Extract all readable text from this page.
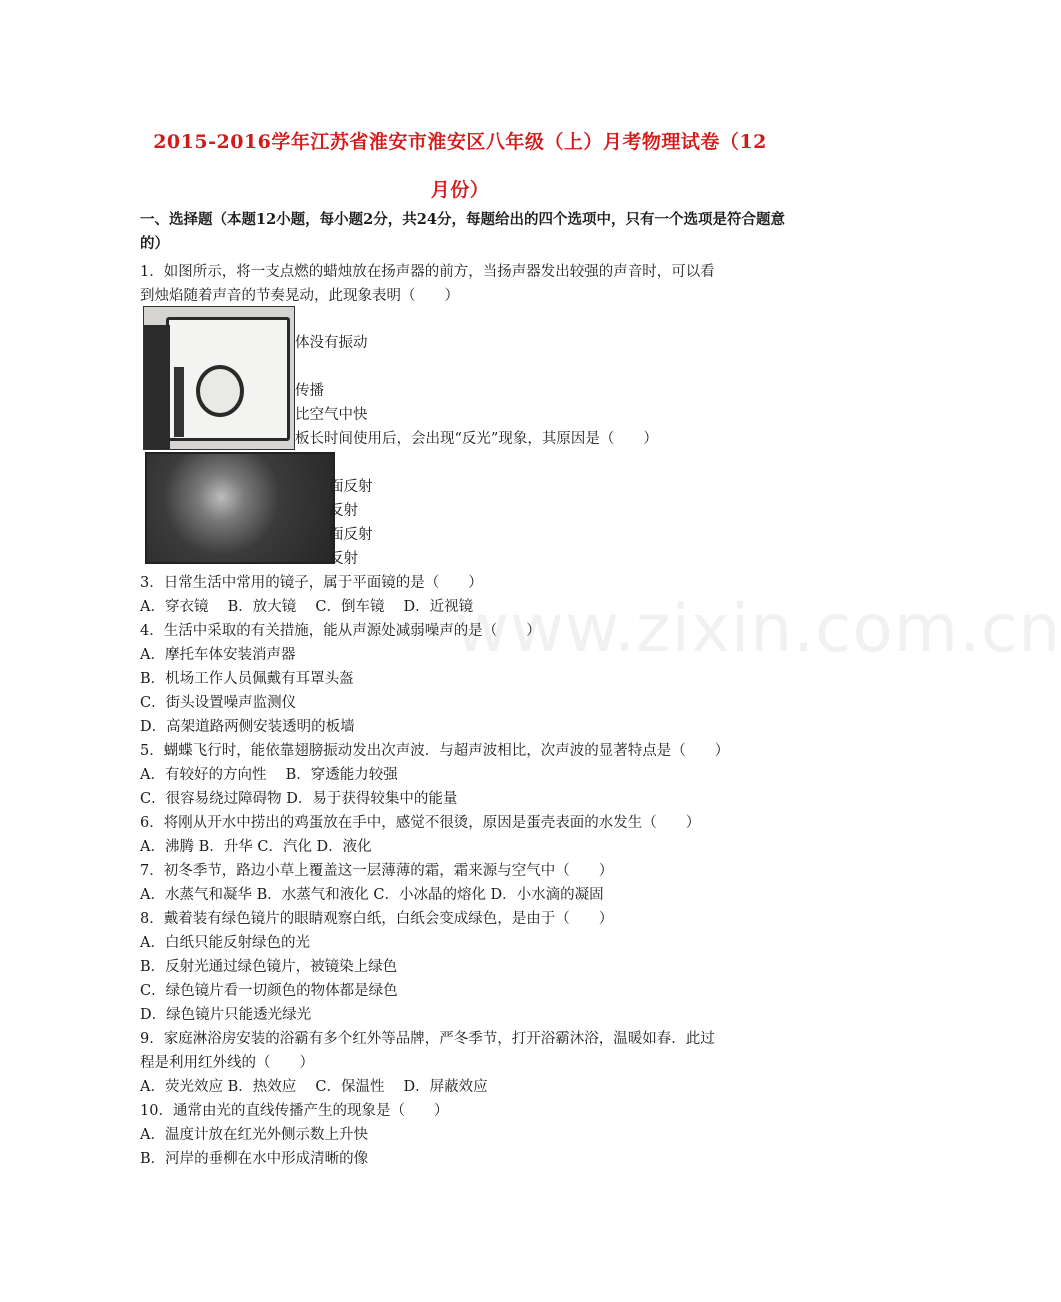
2015-2016学年江苏省淮安市淮安区八年级（上）月考物理试卷（12
月份）
一、选择题（本题12小题，每小题2分，共24分，每题给出的四个选项中，只有一个选项是符合题意的）
1．如图所示，将一支点燃的蜡烛放在扬声器的前方，当扬声器发出较强的声音时，可以看
到烛焰随着声音的节奏晃动，此现象表明（　　）
体没有振动
传播
比空气中快
板长时间使用后，会出现“反光”现象，其原因是（　　）
面反射
反射
面反射
反射
3．日常生活中常用的镜子，属于平面镜的是（　　）
A．穿衣镜　 B．放大镜　 C．倒车镜　 D．近视镜
4．生活中采取的有关措施，能从声源处减弱噪声的是（　　）
A．摩托车体安装消声器
B．机场工作人员佩戴有耳罩头盔
C．街头设置噪声监测仪
D．高架道路两侧安装透明的板墙
5．蝴蝶飞行时，能依靠翅膀振动发出次声波．与超声波相比，次声波的显著特点是（　　）
A．有较好的方向性　 B．穿透能力较强
C．很容易绕过障碍物 D．易于获得较集中的能量
6．将刚从开水中捞出的鸡蛋放在手中，感觉不很烫，原因是蛋壳表面的水发生（　　）
A．沸腾 B．升华 C．汽化 D．液化
7．初冬季节，路边小草上覆盖这一层薄薄的霜，霜来源与空气中（　　）
A．水蒸气和凝华 B．水蒸气和液化 C．小冰晶的熔化 D．小水滴的凝固
8．戴着装有绿色镜片的眼睛观察白纸，白纸会变成绿色，是由于（　　）
A．白纸只能反射绿色的光
B．反射光通过绿色镜片，被镜染上绿色
C．绿色镜片看一切颜色的物体都是绿色
D．绿色镜片只能透光绿光
9．家庭淋浴房安装的浴霸有多个红外等品牌，严冬季节，打开浴霸沐浴，温暖如春．此过
程是利用红外线的（　　）
A．荧光效应 B．热效应　 C．保温性　 D．屏蔽效应
10．通常由光的直线传播产生的现象是（　　）
A．温度计放在红光外侧示数上升快
B．河岸的垂柳在水中形成清晰的像
www.zixin.com.cn
